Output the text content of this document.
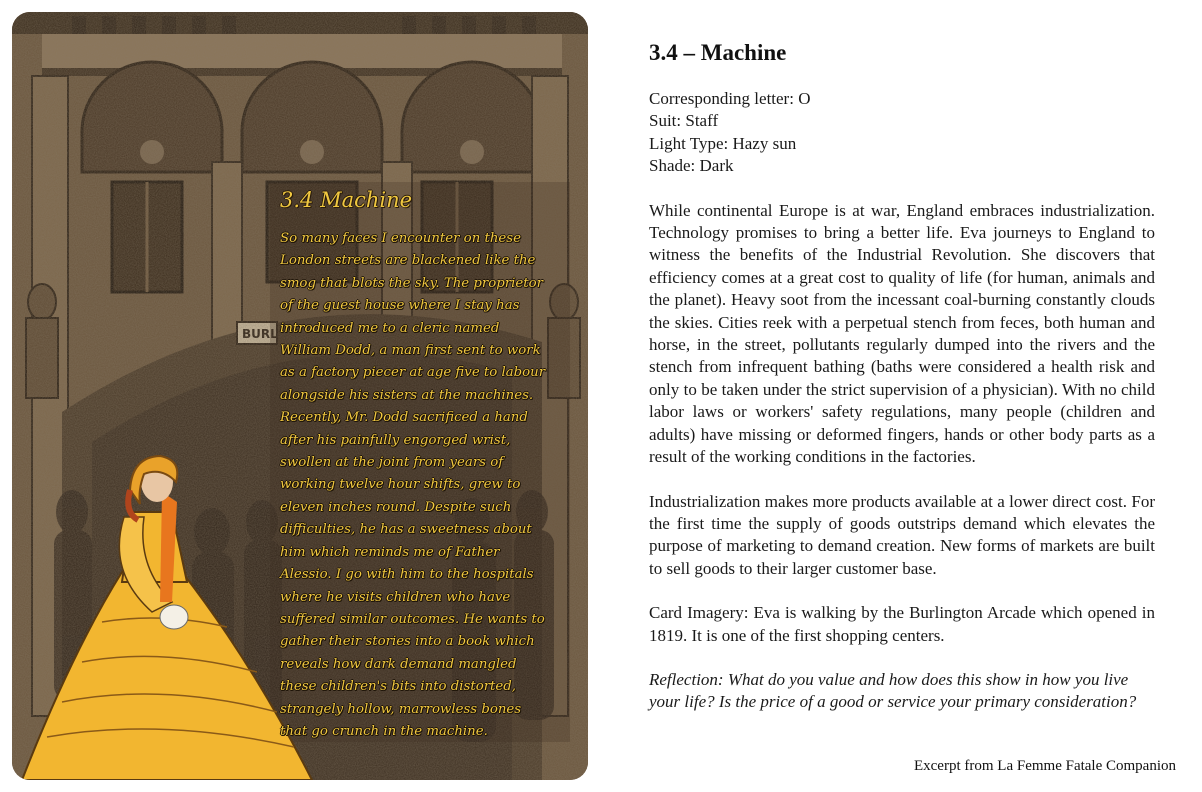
3.4 Machine

So many faces I encounter on these London streets are blackened like the smog that blots the sky. The proprietor of the guest house where I stay has introduced me to a cleric named William Dodd, a man first sent to work as a factory piecer at age five to labour alongside his sisters at the machines. Recently, Mr. Dodd sacrificed a hand after his painfully engorged wrist, swollen at the joint from years of working twelve hour shifts, grew to eleven inches round. Despite such difficulties, he has a sweetness about him which reminds me of Father Alessio. I go with him to the hospitals where he visits children who have suffered similar outcomes. He wants to gather their stories into a book which reveals how dark demand mangled these children's bits into distorted, strangely hollow, marrowless bones that go crunch in the machine.

3.4 – Machine

Corresponding letter: O

Suit: Staff

Light Type: Hazy sun

Shade: Dark

While continental Europe is at war, England embraces industrialization. Technology promises to bring a better life. Eva journeys to England to witness the benefits of the Industrial Revolution. She discovers that efficiency comes at a great cost to quality of life (for human, animals and the planet). Heavy soot from the incessant coal-burning constantly clouds the skies. Cities reek with a perpetual stench from feces, both human and horse, in the street, pollutants regularly dumped into the rivers and the stench from infrequent bathing (baths were considered a health risk and only to be taken under the strict supervision of a physician). With no child labor laws or workers' safety regulations, many people (children and adults) have missing or deformed fingers, hands or other body parts as a result of the working conditions in the factories.

Industrialization makes more products available at a lower direct cost. For the first time the supply of goods outstrips demand which elevates the purpose of marketing to demand creation. New forms of markets are built to sell goods to their larger customer base.

Card Imagery: Eva is walking by the Burlington Arcade which opened in 1819. It is one of the first shopping centers.

Reflection: What do you value and how does this show in how you live your life? Is the price of a good or service your primary consideration?

Excerpt from La Femme Fatale Companion
